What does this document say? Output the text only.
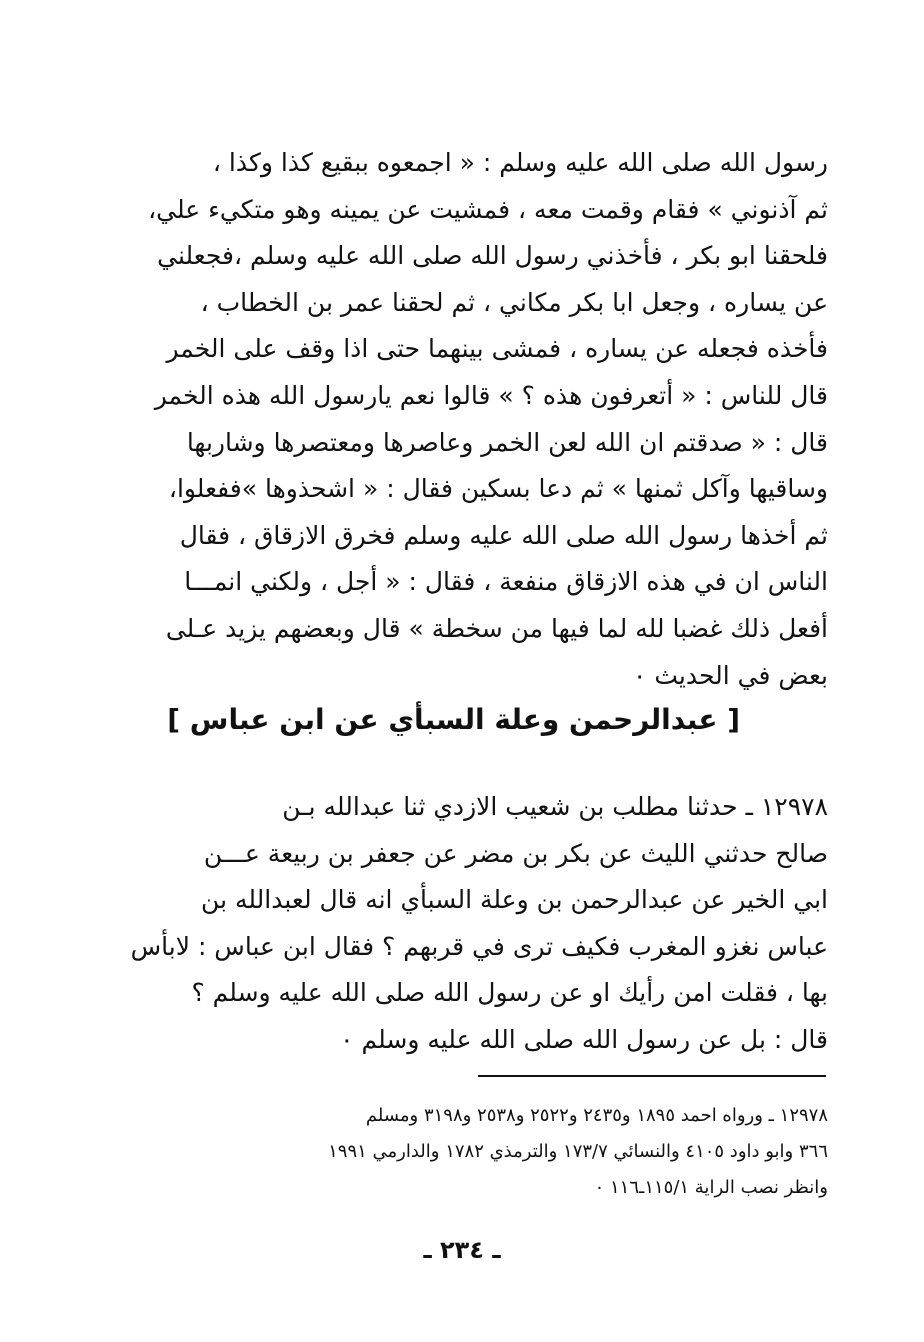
رسول الله صلى الله عليه وسلم : « اجمعوه ببقيع كذا وكذا ،
ثم آذنوني » فقام وقمت معه ، فمشيت عن يمينه وهو متكيء علي،
فلحقنا ابو بكر ، فأخذني رسول الله صلى الله عليه وسلم ،فجعلني
عن يساره ، وجعل ابا بكر مكاني ، ثم لحقنا عمر بن الخطاب ،
فأخذه فجعله عن يساره ، فمشى بينهما حتى اذا وقف على الخمر
قال للناس : « أتعرفون هذه ؟ » قالوا نعم يارسول الله هذه الخمر
قال : « صدقتم ان الله لعن الخمر وعاصرها ومعتصرها وشاربها
وساقيها وآكل ثمنها » ثم دعا بسكين فقال : « اشحذوها »ففعلوا،
ثم أخذها رسول الله صلى الله عليه وسلم فخرق الازقاق ، فقال
الناس ان في هذه الازقاق منفعة ، فقال : « أجل ، ولكني انمـــا
أفعل ذلك غضبا لله لما فيها من سخطة » قال وبعضهم يزيد عـلى
بعض في الحديث ٠
[ عبدالرحمن وعلة السبأي عن ابن عباس ]
١٢٩٧٨ ـ حدثنا مطلب بن شعيب الازدي ثنا عبدالله بـن
صالح حدثني الليث عن بكر بن مضر عن جعفر بن ربيعة عـــن
ابي الخير عن عبدالرحمن بن وعلة السبأي انه قال لعبدالله بن
عباس نغزو المغرب فكيف ترى في قربهم ؟ فقال ابن عباس : لابأس
بها ، فقلت امن رأيك او عن رسول الله صلى الله عليه وسلم ؟
قال : بل عن رسول الله صلى الله عليه وسلم ٠
١٢٩٧٨ ـ ورواه احمد ١٨٩٥ و٢٤٣٥ و٢٥٢٢ و٢٥٣٨ و٣١٩٨ ومسلم
٣٦٦ وابو داود ٤١٠٥ والنسائي ١٧٣/٧ والترمذي ١٧٨٢ والدارمي ١٩٩١
وانظر نصب الراية ١١٥/١ـ١١٦ ٠
ـ ٢٣٤ ـ
